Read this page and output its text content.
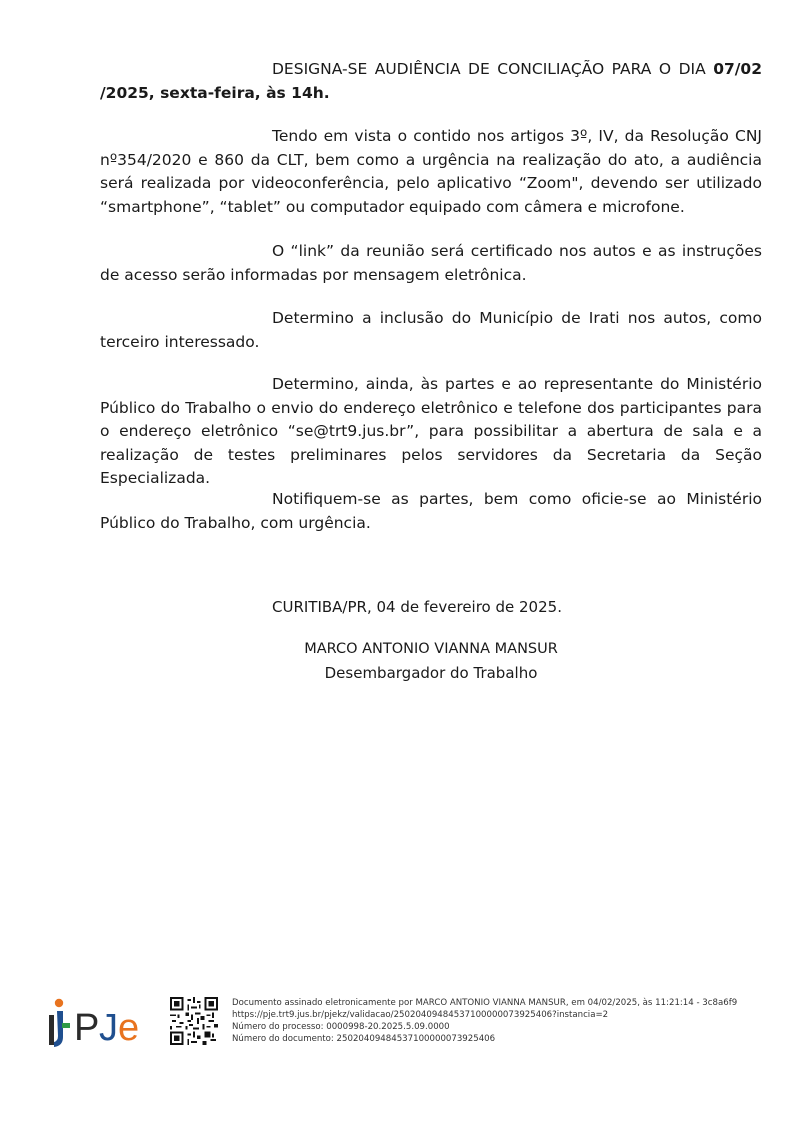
DESIGNA-SE AUDIÊNCIA DE CONCILIAÇÃO PARA O DIA 07/02 /2025, sexta-feira, às 14h.

Tendo em vista o contido nos artigos 3º, IV, da Resolução CNJ nº354/2020 e 860 da CLT, bem como a urgência na realização do ato, a audiência será realizada por videoconferência, pelo aplicativo “Zoom", devendo ser utilizado “smartphone”, “tablet” ou computador equipado com câmera e microfone.

O “link” da reunião será certificado nos autos e as instruções de acesso serão informadas por mensagem eletrônica.

Determino a inclusão do Município de Irati nos autos, como terceiro interessado.

Determino, ainda, às partes e ao representante do Ministério Público do Trabalho o envio do endereço eletrônico e telefone dos participantes para o endereço eletrônico “se@trt9.jus.br”, para possibilitar a abertura de sala e a realização de testes preliminares pelos servidores da Secretaria da Seção Especializada.

Notifiquem-se as partes, bem como oficie-se ao Ministério Público do Trabalho, com urgência.

CURITIBA/PR, 04 de fevereiro de 2025.
MARCO ANTONIO VIANNA MANSUR
Desembargador do Trabalho
P J e
Documento assinado eletronicamente por MARCO ANTONIO VIANNA MANSUR, em 04/02/2025, às 11:21:14 - 3c8a6f9
https://pje.trt9.jus.br/pjekz/validacao/25020409484537100000073925406?instancia=2
Número do processo: 0000998-20.2025.5.09.0000
Número do documento: 25020409484537100000073925406
